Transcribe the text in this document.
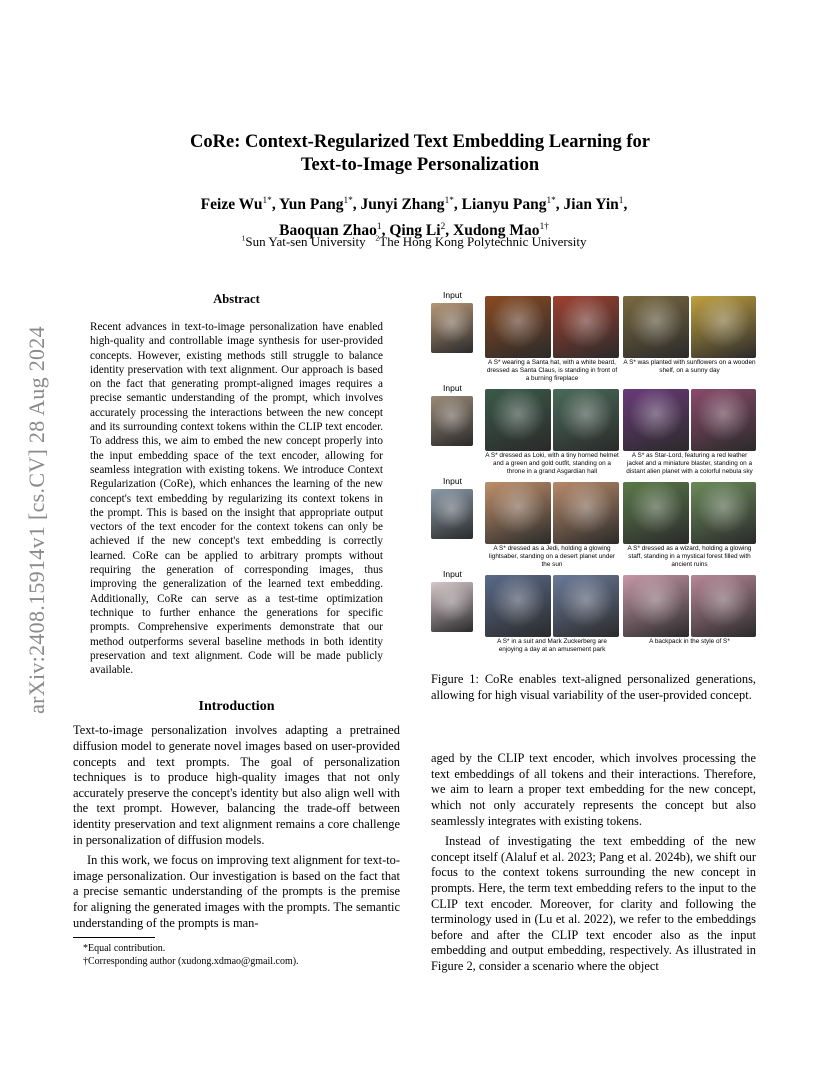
arXiv:2408.15914v1 [cs.CV] 28 Aug 2024
CoRe: Context-Regularized Text Embedding Learning for
Text-to-Image Personalization
Feize $Wu^{1*}$, Yun Pang$^{1*}$, Junyi Zhang$^{1*}$, Lianyu Pang$^{1*}$, Jian Yin$^1$,
Baoquan Zhao$^1$, Qing Li$^2$, Xudong Mao$^{1\dagger}$
$^1$Sun Yat-sen University $^2$The Hong Kong Polytechnic University
Abstract
Recent advances in text-to-image personalization have enabled high-quality and controllable image synthesis for user-provided concepts. However, existing methods still struggle to balance identity preservation with text alignment. Our approach is based on the fact that generating prompt-aligned images requires a precise semantic understanding of the prompt, which involves accurately processing the interactions between the new concept and its surrounding context tokens within the CLIP text encoder. To address this, we aim to embed the new concept properly into the input embedding space of the text encoder, allowing for seamless integration with existing tokens. We introduce Context Regularization (CoRe), which enhances the learning of the new concept's text embedding by regularizing its context tokens in the prompt. This is based on the insight that appropriate output vectors of the text encoder for the context tokens can only be achieved if the new concept's text embedding is correctly learned. CoRe can be applied to arbitrary prompts without requiring the generation of corresponding images, thus improving the generalization of the learned text embedding. Additionally, CoRe can serve as a test-time optimization technique to further enhance the generations for specific prompts. Comprehensive experiments demonstrate that our method outperforms several baseline methods in both identity preservation and text alignment. Code will be made publicly available.
Introduction

Text-to-image personalization involves adapting a pretrained diffusion model to generate novel images based on user-provided concepts and text prompts. The goal of personalization techniques is to produce high-quality images that not only accurately preserve the concept's identity but also align well with the text prompt. However, balancing the trade-off between identity preservation and text alignment remains a core challenge in personalization of diffusion models.

In this work, we focus on improving text alignment for text-to-image personalization. Our investigation is based on the fact that a precise semantic understanding of the prompts is the premise for aligning the generated images with the prompts. The semantic understanding of the prompts is man-

*Equal contribution.
†Corresponding author (xudong.xdmao@gmail.com).
Input
A S* wearing a Santa hat, with a white beard, dressed as Santa Claus, is standing in front of a burning fireplace
A S* was planted with sunflowers on a wooden shelf, on a sunny day
Input
A S* dressed as Loki, with a tiny horned helmet and a green and gold outfit, standing on a throne in a grand Asgardian hall
A S* as Star-Lord, featuring a red leather jacket and a miniature blaster, standing on a distant alien planet with a colorful nebula sky
Input
A S* dressed as a Jedi, holding a glowing lightsaber, standing on a desert planet under the sun
A S* dressed as a wizard, holding a glowing staff, standing in a mystical forest filled with ancient ruins
Input
A S* in a suit and Mark Zuckerberg are enjoying a day at an amusement park
A backpack in the style of S*
Figure 1: CoRe enables text-aligned personalized generations, allowing for high visual variability of the user-provided concept.

aged by the CLIP text encoder, which involves processing the text embeddings of all tokens and their interactions. Therefore, we aim to learn a proper text embedding for the new concept, which not only accurately represents the concept but also seamlessly integrates with existing tokens.

Instead of investigating the text embedding of the new concept itself (Alaluf et al. 2023; Pang et al. 2024b), we shift our focus to the context tokens surrounding the new concept in prompts. Here, the term text embedding refers to the input to the CLIP text encoder. Moreover, for clarity and following the terminology used in (Lu et al. 2022), we refer to the embeddings before and after the CLIP text encoder also as the input embedding and output embedding, respectively. As illustrated in Figure 2, consider a scenario where the object
